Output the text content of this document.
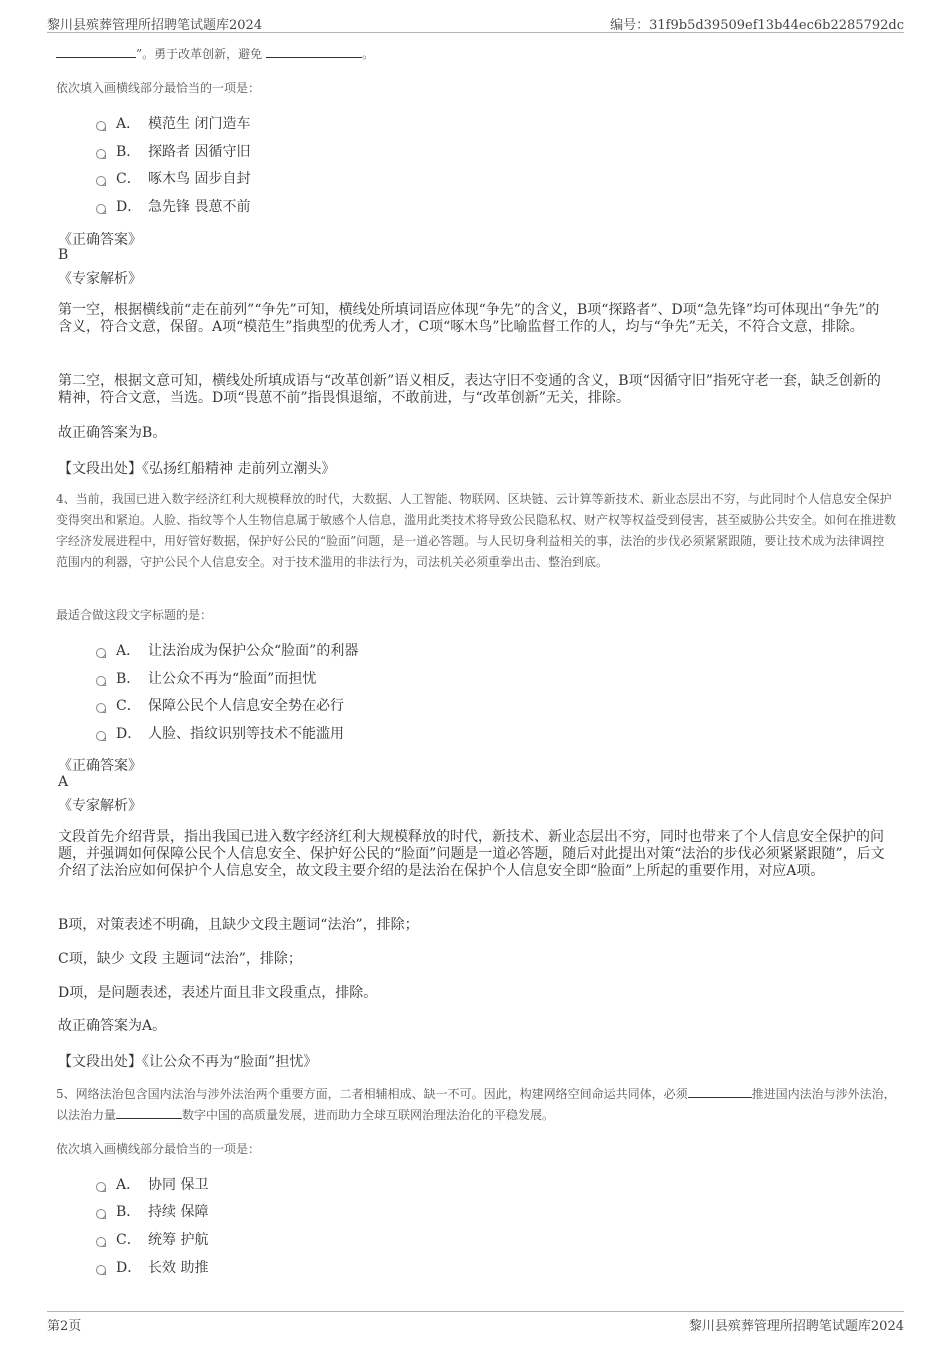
黎川县殡葬管理所招聘笔试题库2024	编号：31f9b5d39509ef13b44ec6b2285792dc
”。勇于改革创新，避免	。
依次填入画横线部分最恰当的一项是：
A． 模范生 闭门造车
B． 探路者 因循守旧
C． 啄木鸟 固步自封
D． 急先锋 畏葸不前
《正确答案》
B
《专家解析》
第一空，根据横线前“走在前列”“争先”可知，横线处所填词语应体现“争先”的含义，B项“探路者”、D项“急先锋”均可体现出“争先”的含义，符合文意，保留。A项“模范生”指典型的优秀人才，C项“啄木鸟”比喻监督工作的人，均与“争先”无关，不符合文意，排除。
第二空，根据文意可知，横线处所填成语与“改革创新”语义相反，表达守旧不变通的含义，B项“因循守旧”指死守老一套，缺乏创新的精神，符合文意，当选。D项“畏葸不前”指畏惧退缩，不敢前进，与“改革创新”无关，排除。
故正确答案为B。
【文段出处】《弘扬红船精神 走前列立潮头》
4、当前，我国已进入数字经济红利大规模释放的时代，大数据、人工智能、物联网、区块链、云计算等新技术、新业态层出不穷，与此同时个人信息安全保护变得突出和紧迫。人脸、指纹等个人生物信息属于敏感个人信息，滥用此类技术将导致公民隐私权、财产权等权益受到侵害，甚至威胁公共安全。如何在推进数字经济发展进程中，用好管好数据，保护好公民的“脸面”问题，是一道必答题。与人民切身利益相关的事，法治的步伐必须紧紧跟随，要让技术成为法律调控范围内的利器，守护公民个人信息安全。对于技术滥用的非法行为，司法机关必须重拳出击、整治到底。
最适合做这段文字标题的是：
A． 让法治成为保护公众“脸面”的利器
B． 让公众不再为“脸面”而担忧
C． 保障公民个人信息安全势在必行
D． 人脸、指纹识别等技术不能滥用
《正确答案》
A
《专家解析》
文段首先介绍背景，指出我国已进入数字经济红利大规模释放的时代，新技术、新业态层出不穷，同时也带来了个人信息安全保护的问题，并强调如何保障公民个人信息安全、保护好公民的“脸面”问题是一道必答题，随后对此提出对策“法治的步伐必须紧紧跟随”，后文介绍了法治应如何保护个人信息安全，故文段主要介绍的是法治在保护个人信息安全即“脸面”上所起的重要作用，对应A项。
B项，对策表述不明确，且缺少文段主题词“法治”，排除；
C项，缺少 文段 主题词“法治”，排除；
D项，是问题表述，表述片面且非文段重点，排除。
故正确答案为A。
【文段出处】《让公众不再为“脸面”担忧》
5、网络法治包含国内法治与涉外法治两个重要方面，二者相辅相成、缺一不可。因此，构建网络空间命运共同体，必须	推进国内法治与涉外法治，以法治力量	数字中国的高质量发展，进而助力全球互联网治理法治化的平稳发展。
依次填入画横线部分最恰当的一项是：
A． 协同 保卫
B． 持续 保障
C． 统筹 护航
D． 长效 助推
第2页	黎川县殡葬管理所招聘笔试题库2024
